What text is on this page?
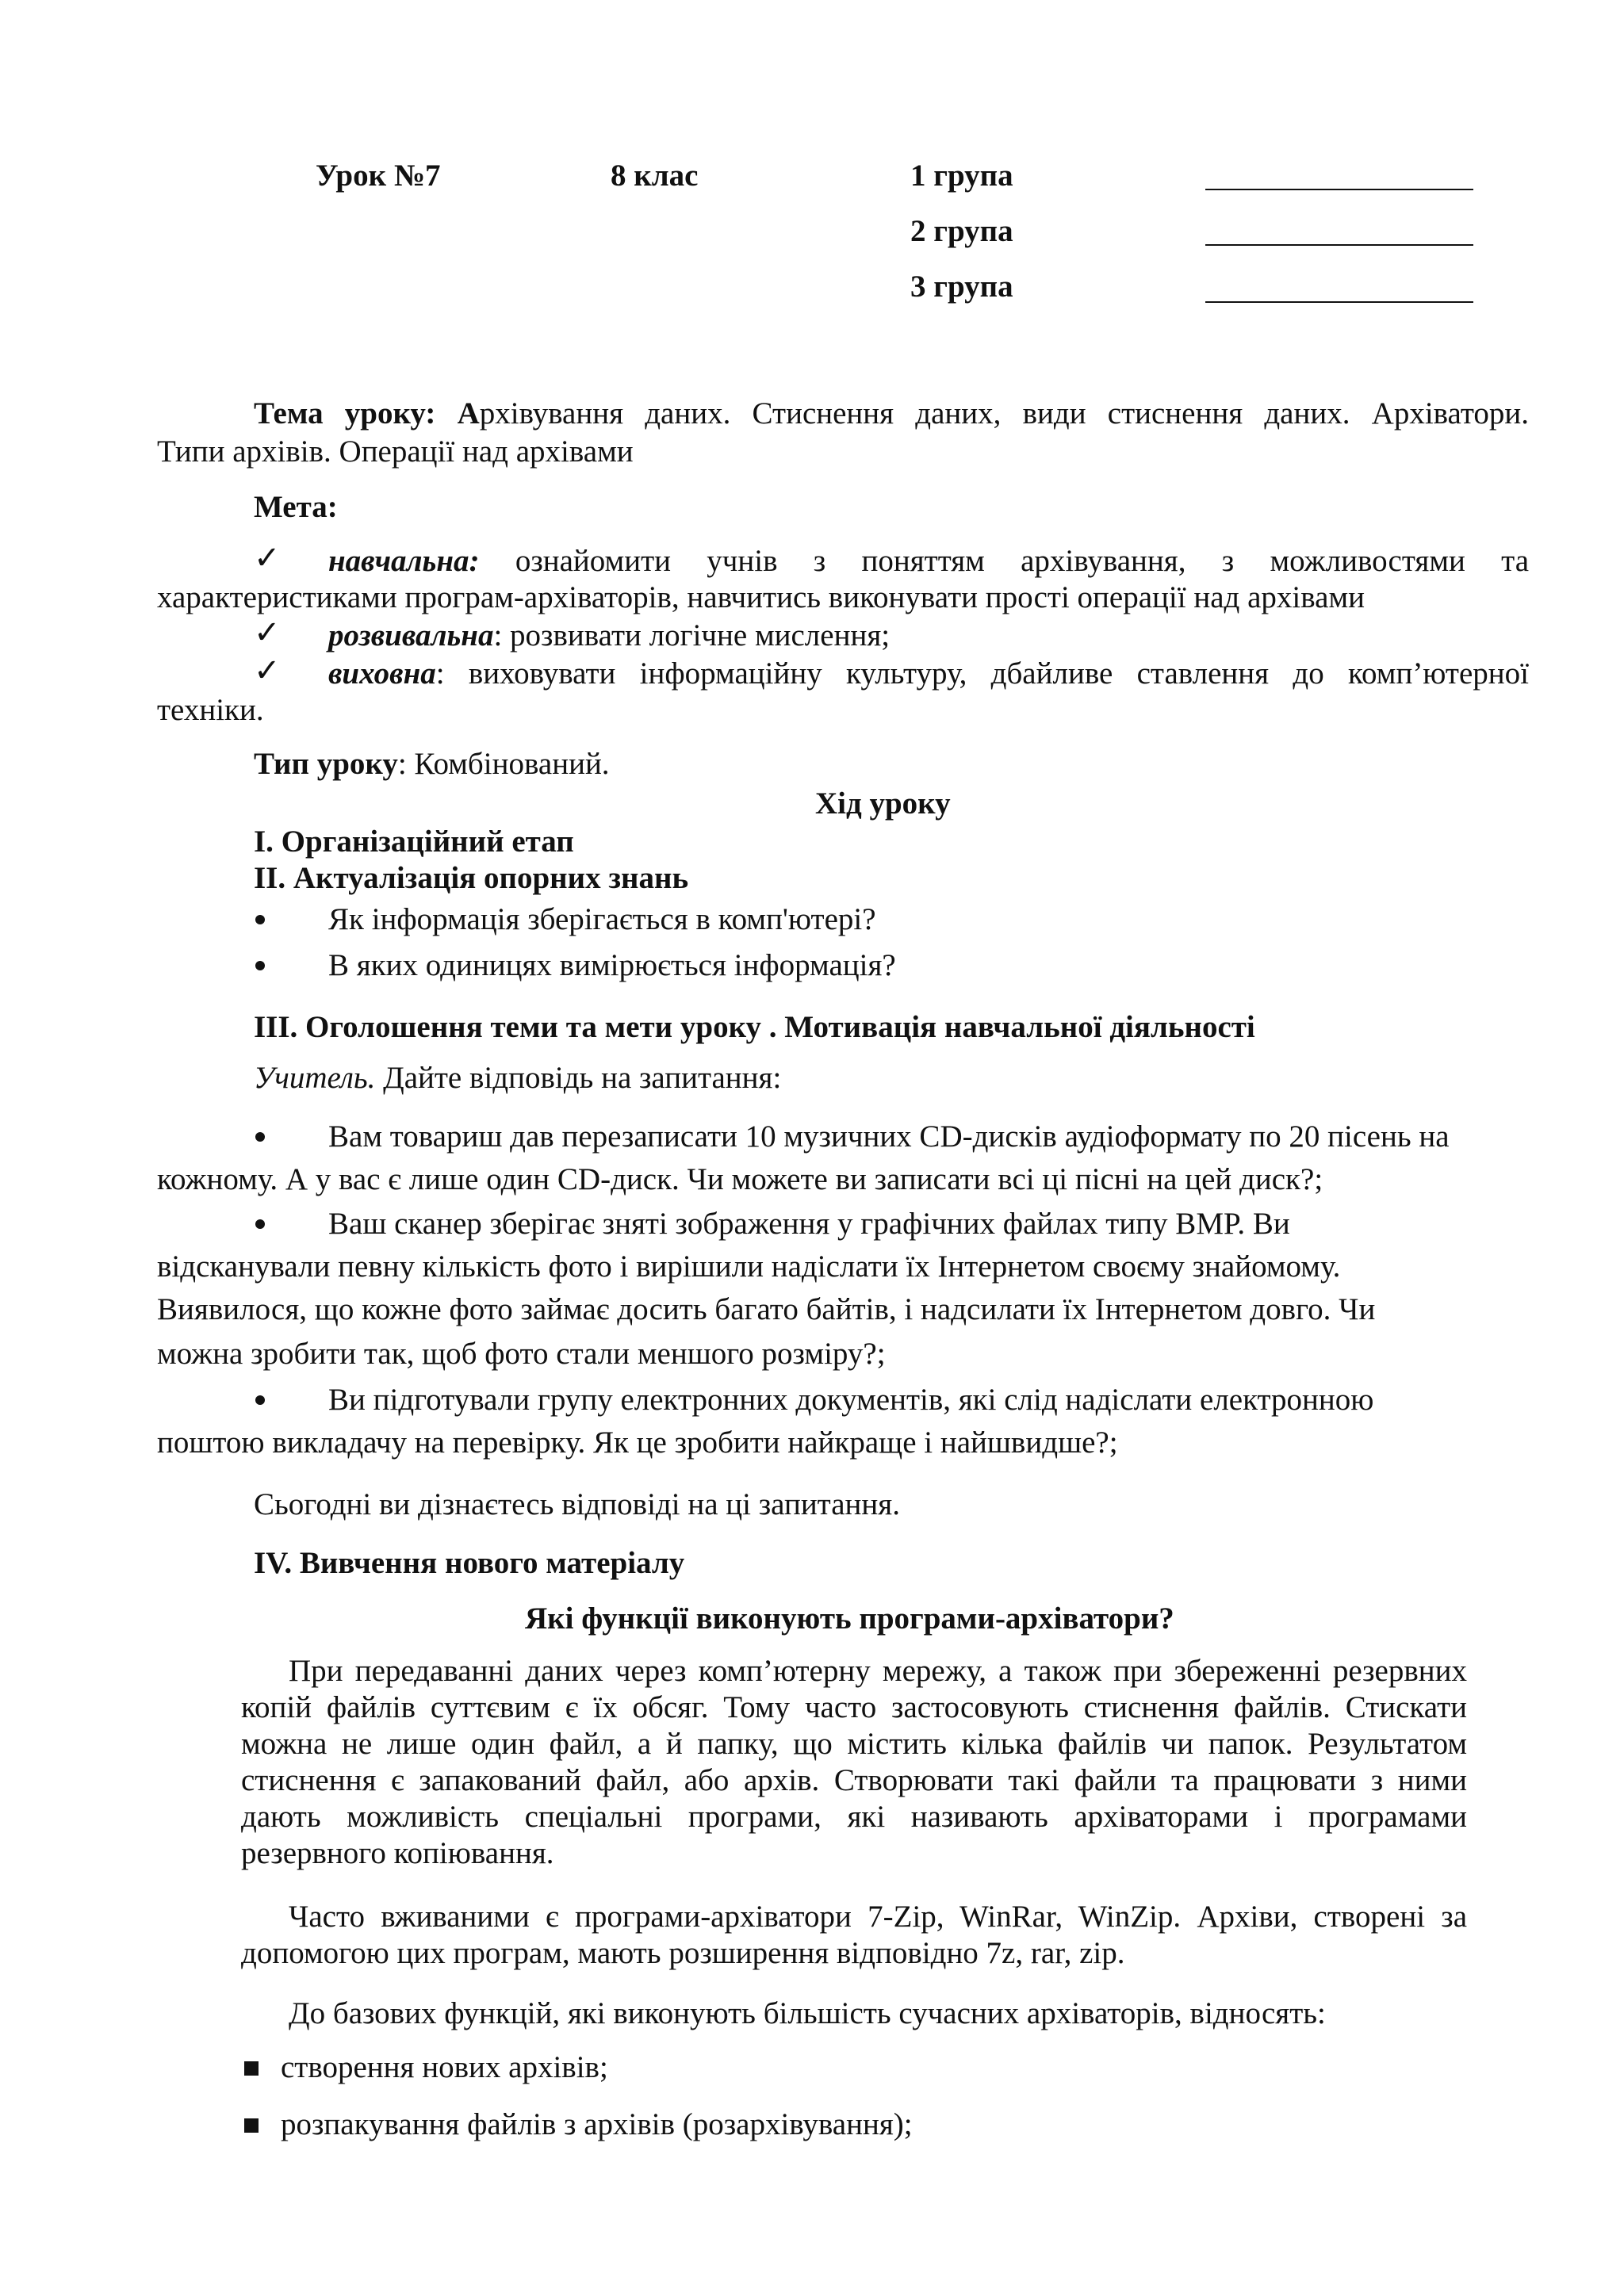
Урок №7	8 клас	1 група
2 група
3 група
Тема уроку: Архівування даних. Стиснення даних, види стиснення даних. Архіватори.
Типи архівів. Операції над архівами
Мета:
✓ навчальна: ознайомити учнів з поняттям архівування, з можливостями та
характеристиками програм-архіваторів, навчитись виконувати прості операції над архівами
✓ розвивальна: розвивати логічне мислення;
✓ виховна: виховувати інформаційну культуру, дбайливе ставлення до комп’ютерної
техніки.
Тип уроку: Комбінований.
Хід уроку
І. Організаційний етап
ІІ. Актуалізація опорних знань
Як інформація зберігається в комп'ютері?
В яких одиницях вимірюється інформація?
ІІІ. Оголошення теми та мети уроку . Мотивація навчальної діяльності
Учитель. Дайте відповідь на запитання:
Вам товариш дав перезаписати 10 музичних CD-дисків аудіоформату по 20 пісень на
кожному. А у вас є лише один CD-диск. Чи можете ви записати всі ці пісні на цей диск?;
Ваш сканер зберігає зняті зображення у графічних файлах типу BMP. Ви
відсканували певну кількість фото і вирішили надіслати їх Інтернетом своєму знайомому.
Виявилося, що кожне фото займає досить багато байтів, і надсилати їх Інтернетом довго. Чи
можна зробити так, щоб фото стали меншого розміру?;
Ви підготували групу електронних документів, які слід надіслати електронною
поштою викладачу на перевірку. Як це зробити найкраще і найшвидше?;
Сьогодні ви дізнаєтесь відповіді на ці запитання.
IV. Вивчення нового матеріалу
Які функції виконують програми-архіватори?
При передаванні даних через комп’ютерну мережу, а також при збереженні резервних
копій файлів суттєвим є їх обсяг. Тому часто застосовують стиснення файлів. Стискати
можна не лише один файл, а й папку, що містить кілька файлів чи папок. Результатом
стиснення є запакований файл, або архів. Створювати такі файли та працювати з ними
дають можливість спеціальні програми, які називають архіваторами і програмами
резервного копіювання.
Часто вживаними є програми-архіватори 7-Zip, WinRar, WinZip. Архіви, створені за
допомогою цих програм, мають розширення відповідно 7z, rar, zip.
До базових функцій, які виконують більшість сучасних архіваторів, відносять:
створення нових архівів;
розпакування файлів з архівів (розархівування);
